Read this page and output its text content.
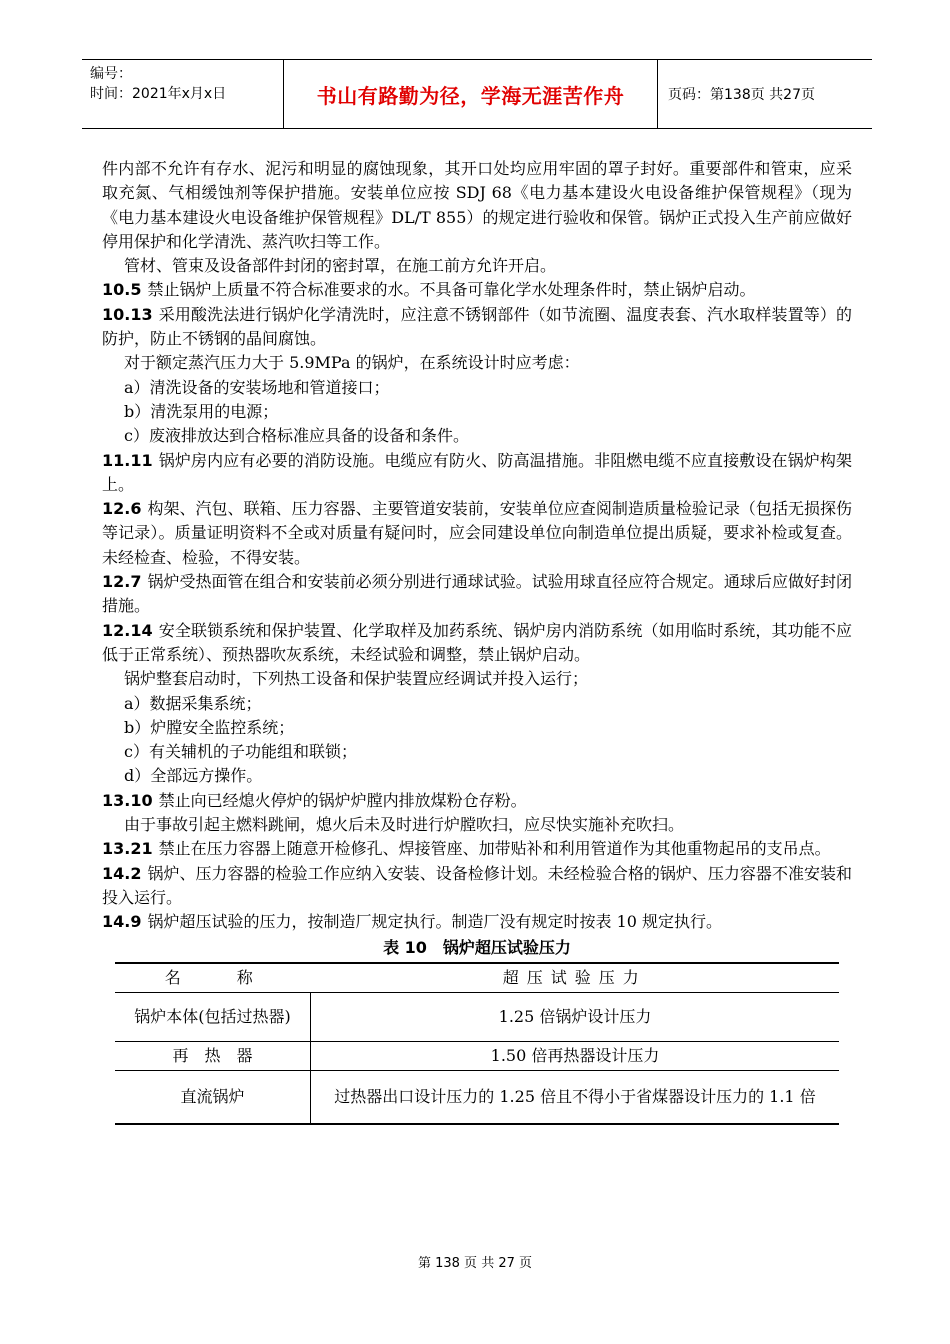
编号：
时间：2021年x月x日	书山有路勤为径，学海无涯苦作舟	页码：第138页 共27页

件内部不允许有存水、泥污和明显的腐蚀现象，其开口处均应用牢固的罩子封好。重要部件和管束，应采取充氮、气相缓蚀剂等保护措施。安装单位应按 SDJ 68《电力基本建设火电设备维护保管规程》（现为《电力基本建设火电设备维护保管规程》DL/T 855）的规定进行验收和保管。锅炉正式投入生产前应做好停用保护和化学清洗、蒸汽吹扫等工作。

管材、管束及设备部件封闭的密封罩，在施工前方允许开启。

10.5 禁止锅炉上质量不符合标准要求的水。不具备可靠化学水处理条件时，禁止锅炉启动。

10.13 采用酸洗法进行锅炉化学清洗时，应注意不锈钢部件（如节流圈、温度表套、汽水取样装置等）的防护，防止不锈钢的晶间腐蚀。

对于额定蒸汽压力大于 5.9MPa 的锅炉，在系统设计时应考虑：

a）清洗设备的安装场地和管道接口；

b）清洗泵用的电源；

c）废液排放达到合格标准应具备的设备和条件。

11.11 锅炉房内应有必要的消防设施。电缆应有防火、防高温措施。非阻燃电缆不应直接敷设在锅炉构架上。

12.6 构架、汽包、联箱、压力容器、主要管道安装前，安装单位应查阅制造质量检验记录（包括无损探伤等记录）。质量证明资料不全或对质量有疑问时，应会同建设单位向制造单位提出质疑，要求补检或复查。未经检查、检验，不得安装。

12.7 锅炉受热面管在组合和安装前必须分别进行通球试验。试验用球直径应符合规定。通球后应做好封闭措施。

12.14 安全联锁系统和保护装置、化学取样及加药系统、锅炉房内消防系统（如用临时系统，其功能不应低于正常系统）、预热器吹灰系统，未经试验和调整，禁止锅炉启动。

锅炉整套启动时，下列热工设备和保护装置应经调试并投入运行；

a）数据采集系统；

b）炉膛安全监控系统；

c）有关辅机的子功能组和联锁；

d）全部远方操作。

13.10 禁止向已经熄火停炉的锅炉炉膛内排放煤粉仓存粉。

由于事故引起主燃料跳闸，熄火后未及时进行炉膛吹扫，应尽快实施补充吹扫。

13.21 禁止在压力容器上随意开检修孔、焊接管座、加带贴补和利用管道作为其他重物起吊的支吊点。

14.2 锅炉、压力容器的检验工作应纳入安装、设备检修计划。未经检验合格的锅炉、压力容器不准安装和投入运行。

14.9 锅炉超压试验的压力，按制造厂规定执行。制造厂没有规定时按表 10 规定执行。

表 10　锅炉超压试验压力
名　　称	超压试验压力
锅炉本体(包括过热器)	1.25 倍锅炉设计压力
再　热　器	1.50 倍再热器设计压力
直流锅炉	过热器出口设计压力的 1.25 倍且不得小于省煤器设计压力的 1.1 倍
第 138 页 共 27 页
